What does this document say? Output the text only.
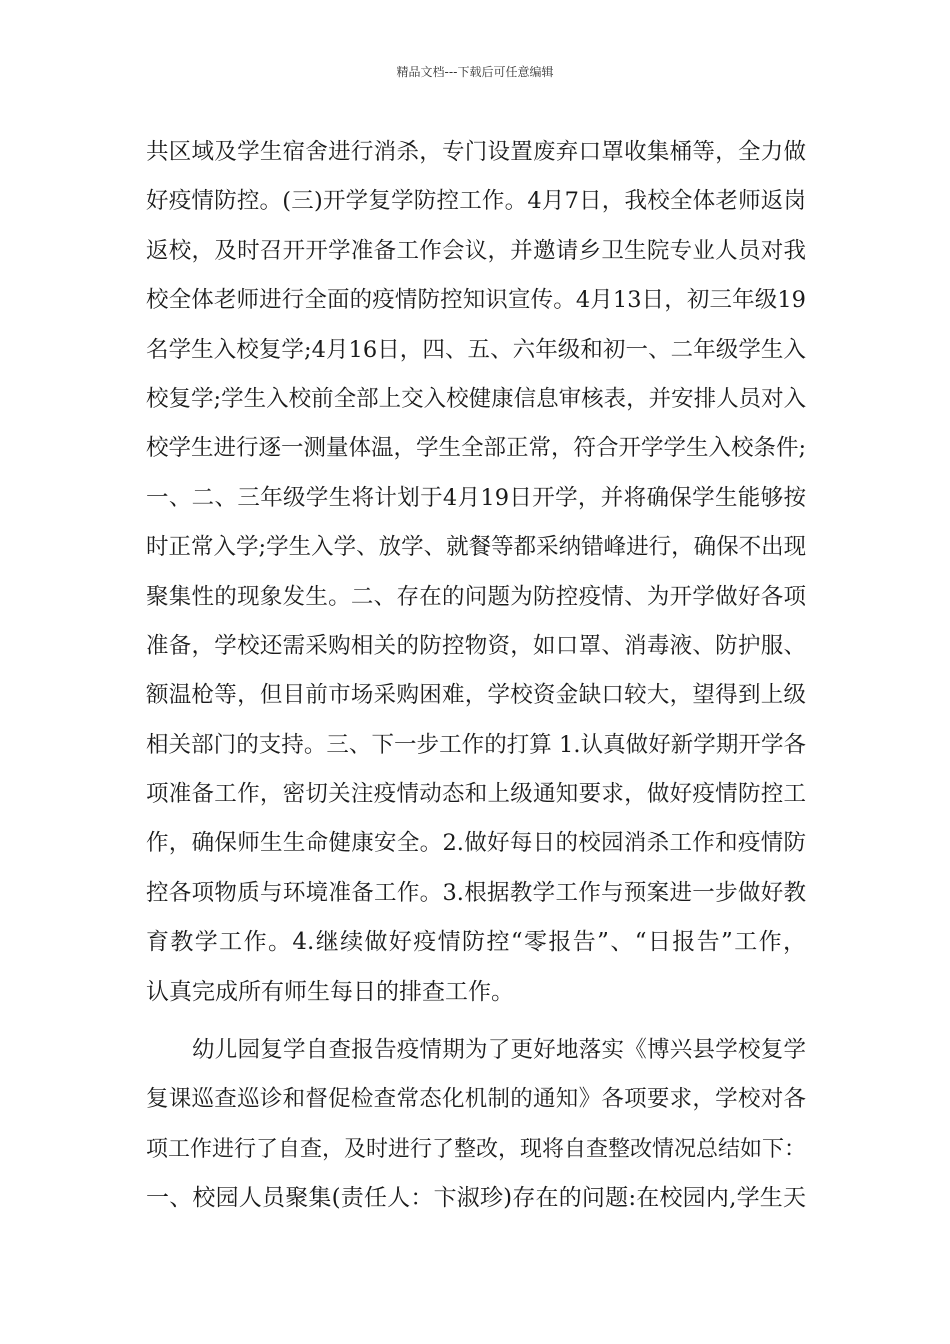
精品文档---下载后可任意编辑
共区域及学生宿舍进行消杀，专门设置废弃口罩收集桶等，全力做
好疫情防控。(三)开学复学防控工作。4月7日，我校全体老师返岗
返校，及时召开开学准备工作会议，并邀请乡卫生院专业人员对我
校全体老师进行全面的疫情防控知识宣传。4月13日，初三年级19
名学生入校复学;4月16日，四、五、六年级和初一、二年级学生入
校复学;学生入校前全部上交入校健康信息审核表，并安排人员对入
校学生进行逐一测量体温，学生全部正常，符合开学学生入校条件;
一、二、三年级学生将计划于4月19日开学，并将确保学生能够按
时正常入学;学生入学、放学、就餐等都采纳错峰进行，确保不出现
聚集性的现象发生。二、存在的问题为防控疫情、为开学做好各项
准备，学校还需采购相关的防控物资，如口罩、消毒液、防护服、
额温枪等，但目前市场采购困难，学校资金缺口较大，望得到上级
相关部门的支持。三、下一步工作的打算 1.认真做好新学期开学各
项准备工作，密切关注疫情动态和上级通知要求，做好疫情防控工
作，确保师生生命健康安全。2.做好每日的校园消杀工作和疫情防
控各项物质与环境准备工作。3.根据教学工作与预案进一步做好教
育教学工作。4.继续做好疫情防控“零报告”、“日报告”工作，
认真完成所有师生每日的排查工作。
幼儿园复学自查报告疫情期为了更好地落实《博兴县学校复学
复课巡查巡诊和督促检查常态化机制的通知》各项要求，学校对各
项工作进行了自查，及时进行了整改，现将自查整改情况总结如下：
一、校园人员聚集(责任人：卞淑珍)存在的问题:在校园内,学生天
